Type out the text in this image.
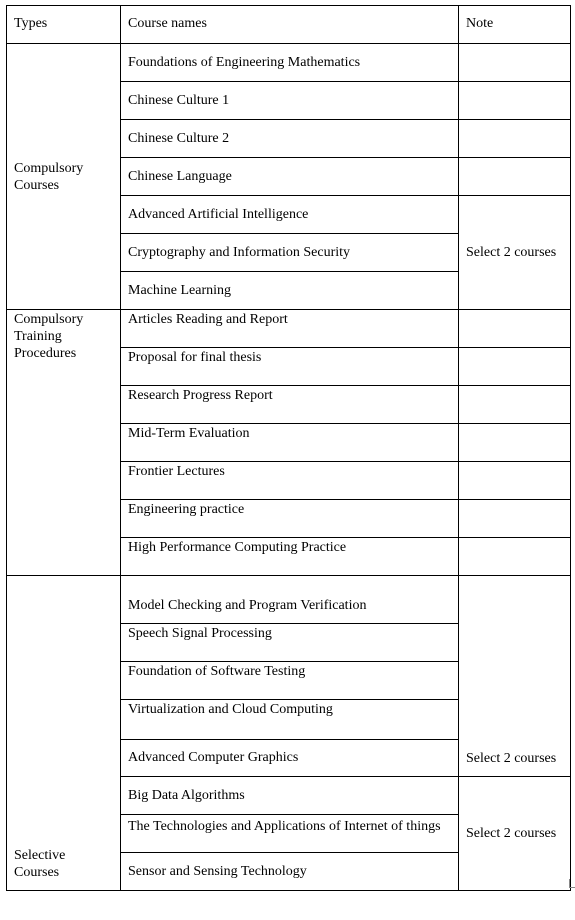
Types	Course names	Note
Compulsory Courses	Foundations of Engineering Mathematics	
	Chinese Culture 1	
	Chinese Culture 2	
	Chinese Language	
	Advanced Artificial Intelligence	Select 2 courses
	Cryptography and Information Security	
	Machine Learning	
Compulsory Training Procedures	Articles Reading and Report	
	Proposal for final thesis	
	Research Progress Report	
	Mid-Term Evaluation	
	Frontier Lectures	
	Engineering practice	
	High Performance Computing Practice	
Selective Courses	Model Checking and Program Verification	Select 2 courses
	Speech Signal Processing	
	Foundation of Software Testing	
	Virtualization and Cloud Computing	
	Advanced Computer Graphics	
	Big Data Algorithms	Select 2 courses
	The Technologies and Applications of Internet of things	
	Sensor and Sensing Technology	
